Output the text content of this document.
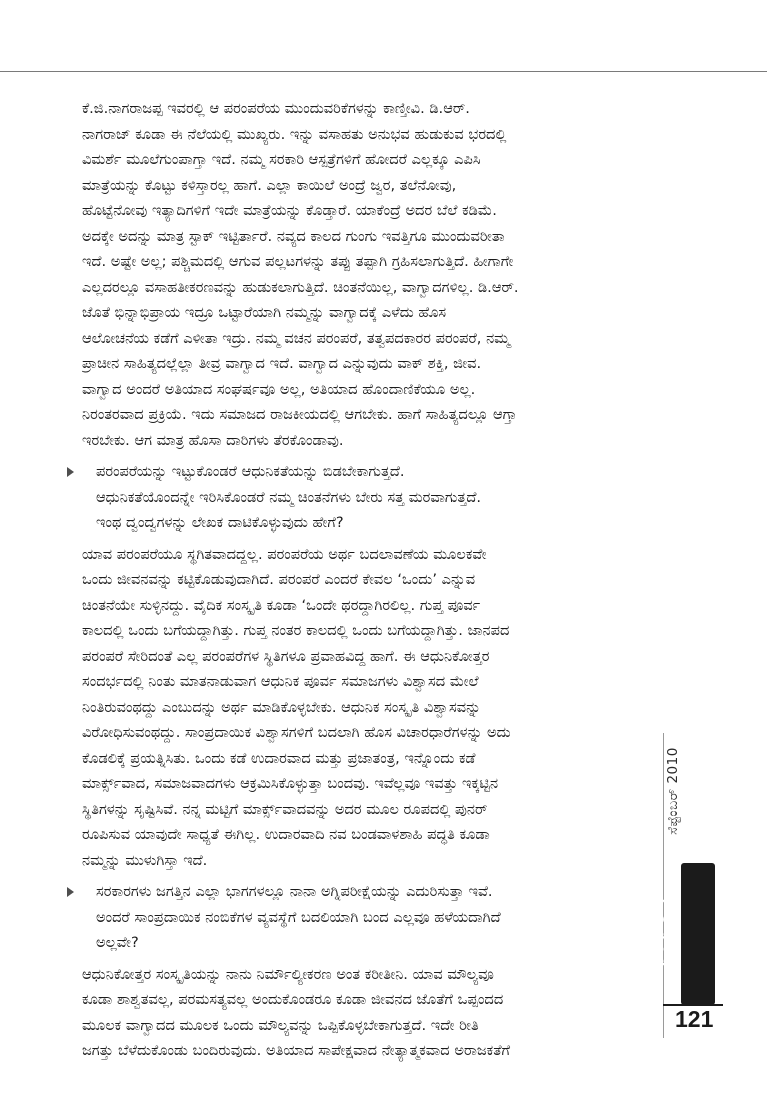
ಕೆ.ಜಿ.ನಾಗರಾಜಪ್ಪ ಇವರಲ್ಲಿ ಆ ಪರಂಪರೆಯ ಮುಂದುವರಿಕೆಗಳನ್ನು ಕಾಣ್ತೀವಿ. ಡಿ.ಆರ್.
ನಾಗರಾಜ್ ಕೂಡಾ ಈ ನೆಲೆಯಲ್ಲಿ ಮುಖ್ಯರು. ಇನ್ನು ವಸಾಹತು ಅನುಭವ ಹುಡುಕುವ ಭರದಲ್ಲಿ
ವಿಮರ್ಶೆ ಮೂಲೆಗುಂಪಾಗ್ತಾ ಇದೆ. ನಮ್ಮ ಸರಕಾರಿ ಆಸ್ಪತ್ರೆಗಳಿಗೆ ಹೋದರೆ ಎಲ್ಲಕ್ಕೂ ಎಪಿಸಿ
ಮಾತ್ರೆಯನ್ನು ಕೊಟ್ಟು ಕಳಿಸ್ತಾರಲ್ಲ ಹಾಗೆ. ಎಲ್ಲಾ ಕಾಯಿಲೆ ಅಂದ್ರೆ ಜ್ವರ, ತಲೆನೋವು,
ಹೊಟ್ಟೆನೋವು ಇತ್ಯಾದಿಗಳಿಗೆ ಇದೇ ಮಾತ್ರೆಯನ್ನು ಕೊಡ್ತಾರೆ. ಯಾಕೆಂದ್ರೆ ಅದರ ಬೆಲೆ ಕಡಿಮೆ.
ಅದಕ್ಕೇ ಅದನ್ನು ಮಾತ್ರ ಸ್ಟಾಕ್ ಇಟ್ಟಿರ್ತಾರೆ. ನವ್ಯದ ಕಾಲದ ಗುಂಗು ಇವತ್ತಿಗೂ ಮುಂದುವರೀತಾ
ಇದೆ. ಅಷ್ಟೇ ಅಲ್ಲ; ಪಶ್ಚಿಮದಲ್ಲಿ ಆಗುವ ಪಲ್ಲಟಗಳನ್ನು ತಪ್ಪು ತಪ್ಪಾಗಿ ಗ್ರಹಿಸಲಾಗುತ್ತಿದೆ. ಹೀಗಾಗೇ
ಎಲ್ಲದರಲ್ಲೂ ವಸಾಹತೀಕರಣವನ್ನು ಹುಡುಕಲಾಗುತ್ತಿದೆ. ಚಿಂತನೆಯಿಲ್ಲ, ವಾಗ್ವಾದಗಳಿಲ್ಲ. ಡಿ.ಆರ್.
ಜೊತೆ ಭಿನ್ನಾಭಿಪ್ರಾಯ ಇದ್ರೂ ಒಟ್ಟಾರೆಯಾಗಿ ನಮ್ಮನ್ನು ವಾಗ್ವಾದಕ್ಕೆ ಎಳೆದು ಹೊಸ
ಆಲೋಚನೆಯ ಕಡೆಗೆ ಎಳೀತಾ ಇದ್ರು. ನಮ್ಮ ವಚನ ಪರಂಪರೆ, ತತ್ವಪದಕಾರರ ಪರಂಪರೆ, ನಮ್ಮ
ಪ್ರಾಚೀನ ಸಾಹಿತ್ಯದಲ್ಲೆಲ್ಲಾ ತೀವ್ರ ವಾಗ್ವಾದ ಇದೆ. ವಾಗ್ವಾದ ಎನ್ನುವುದು ವಾಕ್ ಶಕ್ತಿ, ಜೀವ.
ವಾಗ್ವಾದ ಅಂದರೆ ಅತಿಯಾದ ಸಂಘರ್ಷವೂ ಅಲ್ಲ, ಅತಿಯಾದ ಹೊಂದಾಣಿಕೆಯೂ ಅಲ್ಲ.
ನಿರಂತರವಾದ ಪ್ರಕ್ರಿಯೆ. ಇದು ಸಮಾಜದ ರಾಜಕೀಯದಲ್ಲಿ ಆಗಬೇಕು. ಹಾಗೆ ಸಾಹಿತ್ಯದಲ್ಲೂ ಆಗ್ತಾ
ಇರಬೇಕು. ಆಗ ಮಾತ್ರ ಹೊಸಾ ದಾರಿಗಳು ತೆರಕೊಂಡಾವು.

ಪರಂಪರೆಯನ್ನು ಇಟ್ಟುಕೊಂಡರೆ ಆಧುನಿಕತೆಯನ್ನು ಬಿಡಬೇಕಾಗುತ್ತದೆ.
ಆಧುನಿಕತೆಯೊಂದನ್ನೇ ಇರಿಸಿಕೊಂಡರೆ ನಮ್ಮ ಚಿಂತನೆಗಳು ಬೇರು ಸತ್ತ ಮರವಾಗುತ್ತದೆ.
ಇಂಥ ದ್ವಂದ್ವಗಳನ್ನು ಲೇಖಕ ದಾಟಿಕೊಳ್ಳುವುದು ಹೇಗೆ?

ಯಾವ ಪರಂಪರೆಯೂ ಸ್ಥಗಿತವಾದದ್ದಲ್ಲ. ಪರಂಪರೆಯ ಅರ್ಥ ಬದಲಾವಣೆಯ ಮೂಲಕವೇ
ಒಂದು ಜೀವನವನ್ನು ಕಟ್ಟಿಕೊಡುವುದಾಗಿದೆ. ಪರಂಪರೆ ಎಂದರೆ ಕೇವಲ ‘ಒಂದು’ ಎನ್ನುವ
ಚಿಂತನೆಯೇ ಸುಳ್ಳಿನದ್ದು. ವೈದಿಕ ಸಂಸ್ಕೃತಿ ಕೂಡಾ ‘ಒಂದೇ ಥರದ್ದಾಗಿರಲಿಲ್ಲ. ಗುಪ್ತ ಪೂರ್ವ
ಕಾಲದಲ್ಲಿ ಒಂದು ಬಗೆಯದ್ದಾಗಿತ್ತು. ಗುಪ್ತ ನಂತರ ಕಾಲದಲ್ಲಿ ಒಂದು ಬಗೆಯದ್ದಾಗಿತ್ತು. ಜಾನಪದ
ಪರಂಪರೆ ಸೇರಿದಂತೆ ಎಲ್ಲ ಪರಂಪರೆಗಳ ಸ್ಥಿತಿಗಳೂ ಪ್ರವಾಹವಿದ್ದ ಹಾಗೆ. ಈ ಆಧುನಿಕೋತ್ತರ
ಸಂದರ್ಭದಲ್ಲಿ ನಿಂತು ಮಾತನಾಡುವಾಗ ಆಧುನಿಕ ಪೂರ್ವ ಸಮಾಜಗಳು ವಿಶ್ವಾಸದ ಮೇಲೆ
ನಿಂತಿರುವಂಥದ್ದು ಎಂಬುದನ್ನು ಅರ್ಥ ಮಾಡಿಕೊಳ್ಳಬೇಕು. ಆಧುನಿಕ ಸಂಸ್ಕೃತಿ ವಿಶ್ವಾಸವನ್ನು
ವಿರೋಧಿಸುವಂಥದ್ದು. ಸಾಂಪ್ರದಾಯಿಕ ವಿಶ್ವಾಸಗಳಿಗೆ ಬದಲಾಗಿ ಹೊಸ ವಿಚಾರಧಾರೆಗಳನ್ನು ಅದು
ಕೊಡಲಿಕ್ಕೆ ಪ್ರಯತ್ನಿಸಿತು. ಒಂದು ಕಡೆ ಉದಾರವಾದ ಮತ್ತು ಪ್ರಜಾತಂತ್ರ, ಇನ್ನೊಂದು ಕಡೆ
ಮಾರ್ಕ್ಸ್‌ವಾದ, ಸಮಾಜವಾದಗಳು ಆಕ್ರಮಿಸಿಕೊಳ್ಳುತ್ತಾ ಬಂದವು. ಇವೆಲ್ಲವೂ ಇವತ್ತು ಇಕ್ಕಟ್ಟಿನ
ಸ್ಥಿತಿಗಳನ್ನು ಸೃಷ್ಟಿಸಿವೆ. ನನ್ನ ಮಟ್ಟಿಗೆ ಮಾರ್ಕ್ಸ್‌ವಾದವನ್ನು ಅದರ ಮೂಲ ರೂಪದಲ್ಲಿ ಪುನರ್
ರೂಪಿಸುವ ಯಾವುದೇ ಸಾಧ್ಯತೆ ಈಗಿಲ್ಲ. ಉದಾರವಾದಿ ನವ ಬಂಡವಾಳಶಾಹಿ ಪದ್ಧತಿ ಕೂಡಾ
ನಮ್ಮನ್ನು ಮುಳುಗಿಸ್ತಾ ಇದೆ.

ಸರಕಾರಗಳು ಜಗತ್ತಿನ ಎಲ್ಲಾ ಭಾಗಗಳಲ್ಲೂ ನಾನಾ ಅಗ್ನಿಪರೀಕ್ಷೆಯನ್ನು ಎದುರಿಸುತ್ತಾ ಇವೆ.
ಅಂದರೆ ಸಾಂಪ್ರದಾಯಿಕ ನಂಬಿಕೆಗಳ ವ್ಯವಸ್ಥೆಗೆ ಬದಲಿಯಾಗಿ ಬಂದ ಎಲ್ಲವೂ ಹಳೆಯದಾಗಿದೆ
ಅಲ್ಲವೇ?

ಆಧುನಿಕೋತ್ತರ ಸಂಸ್ಕೃತಿಯನ್ನು ನಾನು ನಿರ್ಮೌಲ್ಯೀಕರಣ ಅಂತ ಕರೀತೀನಿ. ಯಾವ ಮೌಲ್ಯವೂ
ಕೂಡಾ ಶಾಶ್ವತವಲ್ಲ, ಪರಮಸತ್ಯವಲ್ಲ ಅಂದುಕೊಂಡರೂ ಕೂಡಾ ಜೀವನದ ಜೊತೆಗೆ ಒಪ್ಪಂದದ
ಮೂಲಕ ವಾಗ್ವಾದದ ಮೂಲಕ ಒಂದು ಮೌಲ್ಯವನ್ನು ಒಪ್ಪಿಕೊಳ್ಳಬೇಕಾಗುತ್ತದೆ. ಇದೇ ರೀತಿ
ಜಗತ್ತು ಬೆಳೆದುಕೊಂಡು ಬಂದಿರುವುದು. ಅತಿಯಾದ ಸಾಪೇಕ್ಷವಾದ ನೇತ್ಯಾತ್ಮಕವಾದ ಅರಾಜಕತೆಗೆ

ಸೆಪ್ಟೆಂಬರ್ 2010
ಮಯೂರ
121
